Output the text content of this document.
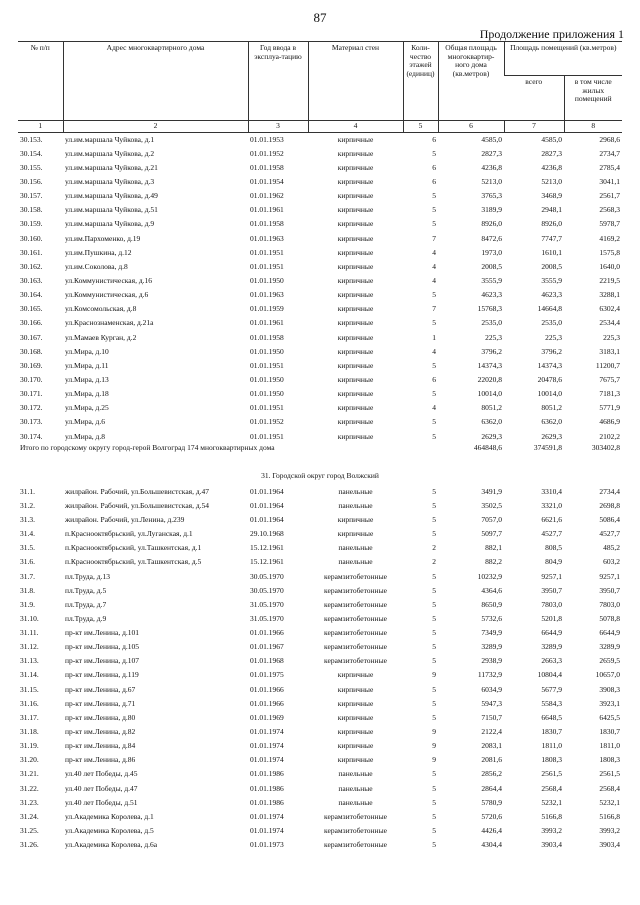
87
Продолжение приложения 1
№ п/п	Адрес многоквартирного дома	Год ввода в эксплуа-тацию	Материал стен	Коли-чество этажей (единиц)	Общая площадь многоквартир-ного дома (кв.метров)	Площадь помещений (кв.метров)	
						всего	в том числе жилых помещений
1	2	3	4	5	6	7	8
30.153.	ул.им.маршала Чуйкова, д.1	01.01.1953	кирпичные	6	4585,0	4585,0	2968,6
30.154.	ул.им.маршала Чуйкова, д.2	01.01.1952	кирпичные	5	2827,3	2827,3	2734,7
30.155.	ул.им.маршала Чуйкова, д.21	01.01.1958	кирпичные	6	4236,8	4236,8	2785,4
30.156.	ул.им.маршала Чуйкова, д.3	01.01.1954	кирпичные	6	5213,0	5213,0	3041,1
30.157.	ул.им.маршала Чуйкова, д.49	01.01.1962	кирпичные	5	3765,3	3468,9	2561,7
30.158.	ул.им.маршала Чуйкова, д.51	01.01.1961	кирпичные	5	3189,9	2948,1	2568,3
30.159.	ул.им.маршала Чуйкова, д.9	01.01.1958	кирпичные	5	8926,0	8926,0	5978,7
30.160.	ул.им.Пархоменко, д.19	01.01.1963	кирпичные	7	8472,6	7747,7	4169,2
30.161.	ул.им.Пушкина, д.12	01.01.1951	кирпичные	4	1973,0	1610,1	1575,8
30.162.	ул.им.Соколова, д.8	01.01.1951	кирпичные	4	2008,5	2008,5	1640,0
30.163.	ул.Коммунистическая, д.16	01.01.1950	кирпичные	4	3555,9	3555,9	2219,5
30.164.	ул.Коммунистическая, д.6	01.01.1963	кирпичные	5	4623,3	4623,3	3288,1
30.165.	ул.Комсомольская, д.8	01.01.1959	кирпичные	7	15768,3	14664,8	6302,4
30.166.	ул.Краснознаменская, д.21а	01.01.1961	кирпичные	5	2535,0	2535,0	2534,4
30.167.	ул.Мамаев Курган, д.2	01.01.1958	кирпичные	1	225,3	225,3	225,3
30.168.	ул.Мира, д.10	01.01.1950	кирпичные	4	3796,2	3796,2	3183,1
30.169.	ул.Мира, д.11	01.01.1951	кирпичные	5	14374,3	14374,3	11200,7
30.170.	ул.Мира, д.13	01.01.1950	кирпичные	6	22020,8	20478,6	7675,7
30.171.	ул.Мира, д.18	01.01.1950	кирпичные	5	10014,0	10014,0	7181,3
30.172.	ул.Мира, д.25	01.01.1951	кирпичные	4	8051,2	8051,2	5771,9
30.173.	ул.Мира, д.6	01.01.1952	кирпичные	5	6362,0	6362,0	4686,9
30.174.	ул.Мира, д.8	01.01.1951	кирпичные	5	2629,3	2629,3	2102,2
Итого по городскому округу город-герой Волгоград 174 многоквартирных дома					464848,6	374591,8	303402,8
31. Городской округ город Волжский							
31.1.	жилрайон. Рабочий, ул.Большевистская, д.47	01.01.1964	панельные	5	3491,9	3310,4	2734,4
31.2.	жилрайон. Рабочий, ул.Большевистская, д.54	01.01.1964	панельные	5	3502,5	3321,0	2698,8
31.3.	жилрайон. Рабочий, ул.Ленина, д.239	01.01.1964	кирпичные	5	7057,0	6621,6	5086,4
31.4.	п.Краснооктябрьский, ул.Луганская, д.1	29.10.1968	кирпичные	5	5097,7	4527,7	4527,7
31.5.	п.Краснооктябрьский, ул.Ташкентская, д.1	15.12.1961	панельные	2	882,1	808,5	485,2
31.6.	п.Краснооктябрьский, ул.Ташкентская, д.5	15.12.1961	панельные	2	882,2	804,9	603,2
31.7.	пл.Труда, д.13	30.05.1970	керамзитобетонные	5	10232,9	9257,1	9257,1
31.8.	пл.Труда, д.5	30.05.1970	керамзитобетонные	5	4364,6	3950,7	3950,7
31.9.	пл.Труда, д.7	31.05.1970	керамзитобетонные	5	8650,9	7803,0	7803,0
31.10.	пл.Труда, д.9	31.05.1970	керамзитобетонные	5	5732,6	5201,8	5078,8
31.11.	пр-кт им.Ленина, д.101	01.01.1966	керамзитобетонные	5	7349,9	6644,9	6644,9
31.12.	пр-кт им.Ленина, д.105	01.01.1967	керамзитобетонные	5	3289,9	3289,9	3289,9
31.13.	пр-кт им.Ленина, д.107	01.01.1968	керамзитобетонные	5	2938,9	2663,3	2659,5
31.14.	пр-кт им.Ленина, д.119	01.01.1975	кирпичные	9	11732,9	10804,4	10657,0
31.15.	пр-кт им.Ленина, д.67	01.01.1966	кирпичные	5	6034,9	5677,9	3908,3
31.16.	пр-кт им.Ленина, д.71	01.01.1966	кирпичные	5	5947,3	5584,3	3923,1
31.17.	пр-кт им.Ленина, д.80	01.01.1969	кирпичные	5	7150,7	6648,5	6425,5
31.18.	пр-кт им.Ленина, д.82	01.01.1974	кирпичные	9	2122,4	1830,7	1830,7
31.19.	пр-кт им.Ленина, д.84	01.01.1974	кирпичные	9	2083,1	1811,0	1811,0
31.20.	пр-кт им.Ленина, д.86	01.01.1974	кирпичные	9	2081,6	1808,3	1808,3
31.21.	ул.40 лет Победы, д.45	01.01.1986	панельные	5	2856,2	2561,5	2561,5
31.22.	ул.40 лет Победы, д.47	01.01.1986	панельные	5	2864,4	2568,4	2568,4
31.23.	ул.40 лет Победы, д.51	01.01.1986	панельные	5	5780,9	5232,1	5232,1
31.24.	ул.Академика Королева, д.1	01.01.1974	керамзитобетонные	5	5720,6	5166,8	5166,8
31.25.	ул.Академика Королева, д.5	01.01.1974	керамзитобетонные	5	4426,4	3993,2	3993,2
31.26.	ул.Академика Королева, д.6а	01.01.1973	керамзитобетонные	5	4304,4	3903,4	3903,4
